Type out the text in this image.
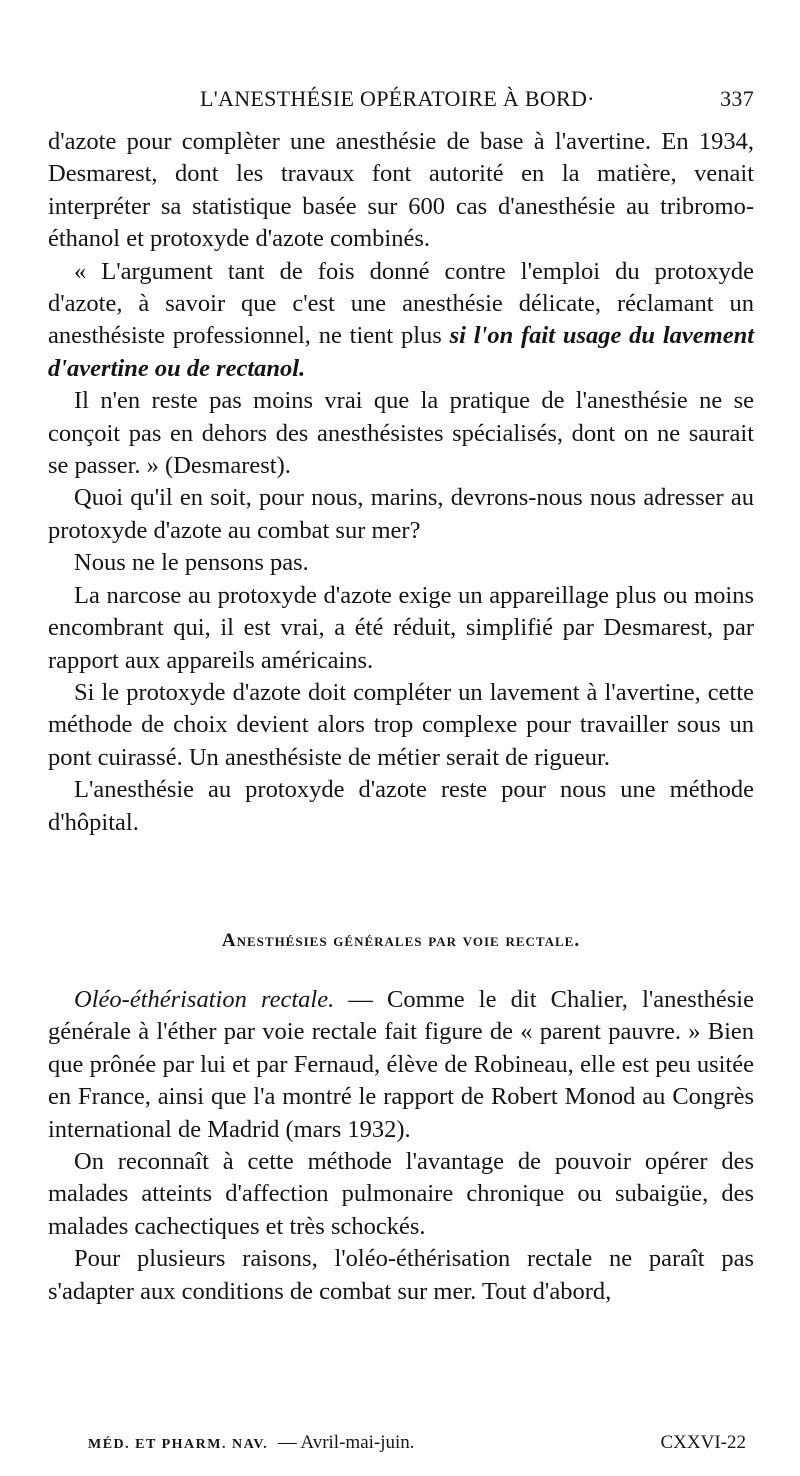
L'ANESTHÉSIE OPÉRATOIRE À BORD·	337

d'azote pour complèter une anesthésie de base à l'avertine. En 1934, Desmarest, dont les travaux font autorité en la matière, venait interpréter sa statistique basée sur 600 cas d'anesthésie au tribromo-éthanol et protoxyde d'azote combinés.

« L'argument tant de fois donné contre l'emploi du protoxyde d'azote, à savoir que c'est une anesthésie délicate, réclamant un anesthésiste professionnel, ne tient plus si l'on fait usage du lavement d'avertine ou de rectanol.

Il n'en reste pas moins vrai que la pratique de l'anesthésie ne se conçoit pas en dehors des anesthésistes spécialisés, dont on ne saurait se passer. » (Desmarest).

Quoi qu'il en soit, pour nous, marins, devrons-nous nous adresser au protoxyde d'azote au combat sur mer?

Nous ne le pensons pas.

La narcose au protoxyde d'azote exige un appareillage plus ou moins encombrant qui, il est vrai, a été réduit, simplifié par Desmarest, par rapport aux appareils américains.

Si le protoxyde d'azote doit compléter un lavement à l'avertine, cette méthode de choix devient alors trop complexe pour travailler sous un pont cuirassé. Un anesthésiste de métier serait de rigueur.

L'anesthésie au protoxyde d'azote reste pour nous une méthode d'hôpital.

Anesthésies générales par voie rectale.

Oléo-éthérisation rectale. — Comme le dit Chalier, l'anesthésie générale à l'éther par voie rectale fait figure de « parent pauvre. » Bien que prônée par lui et par Fernaud, élève de Robineau, elle est peu usitée en France, ainsi que l'a montré le rapport de Robert Monod au Congrès international de Madrid (mars 1932).

On reconnaît à cette méthode l'avantage de pouvoir opérer des malades atteints d'affection pulmonaire chronique ou subaigüe, des malades cachectiques et très schockés.

Pour plusieurs raisons, l'oléo-éthérisation rectale ne paraît pas s'adapter aux conditions de combat sur mer. Tout d'abord,

MÉD. ET PHARM. NAV. — Avril-mai-juin.	CXXVI-22
